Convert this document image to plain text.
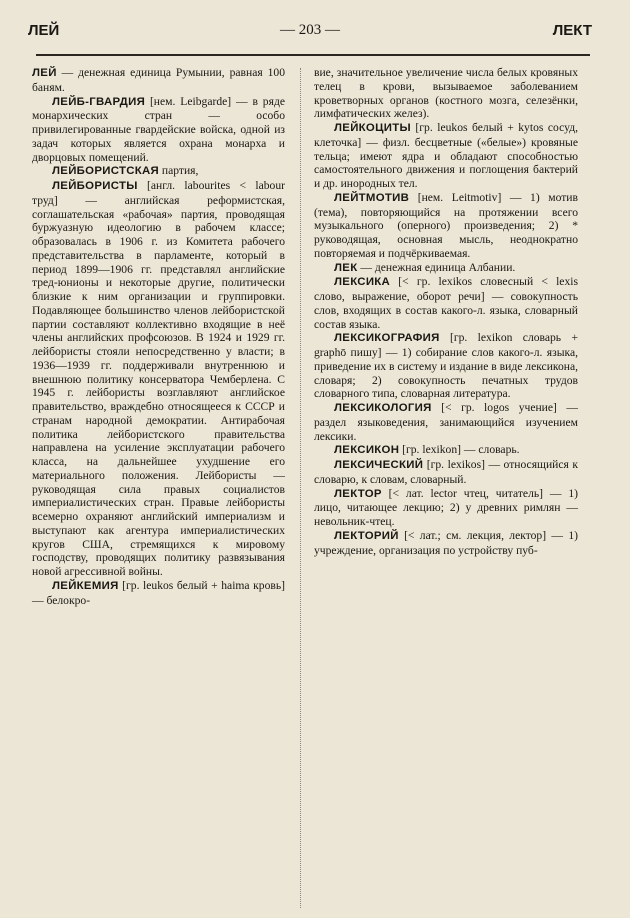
ЛЕЙ	— 203 —	ЛЕКТ

ЛЕЙ — денежная единица Румынии, равная 100 баням.

ЛЕЙБ-ГВАРДИЯ [нем. Leibgarde] — в ряде монархических стран — особо привилегированные гвардейские войска, одной из задач которых является охрана монарха и дворцовых помещений.

ЛЕЙБОРИСТСКАЯ партия,

ЛЕЙБОРИСТЫ [англ. labourites < labour труд] — английская реформистская, соглашательская «рабочая» партия, проводящая буржуазную идеологию в рабочем классе; образовалась в 1906 г. из Комитета рабочего представительства в парламенте, который в период 1899—1906 гг. представлял английские тред-юнионы и некоторые другие, политически близкие к ним организации и группировки. Подавляющее большинство членов лейбористской партии составляют коллективно входящие в неё члены английских профсоюзов. В 1924 и 1929 гг. лейбористы стояли непосредственно у власти; в 1936—1939 гг. поддерживали внутреннюю и внешнюю политику консерватора Чемберлена. С 1945 г. лейбористы возглавляют английское правительство, враждебно относящееся к СССР и странам народной демократии. Антирабочая политика лейбористского правительства направлена на усиление эксплуатации рабочего класса, на дальнейшее ухудшение его материального положения. Лейбористы — руководящая сила правых социалистов империалистических стран. Правые лейбористы всемерно охраняют английский империализм и выступают как агентура империалистических кругов США, стремящихся к мировому господству, проводящих политику развязывания новой агрессивной войны.

ЛЕЙКЕМИЯ [гр. leukos белый + haima кровь] — белокро-

вие, значительное увеличение числа белых кровяных телец в крови, вызываемое заболеванием кроветворных органов (костного мозга, селезёнки, лимфатических желез).

ЛЕЙКОЦИТЫ [гр. leukos белый + kytos сосуд, клеточка] — физл. бесцветные («белые») кровяные тельца; имеют ядра и обладают способностью самостоятельного движения и поглощения бактерий и др. инородных тел.

ЛЕЙТМОТИВ [нем. Leitmotiv] — 1) мотив (тема), повторяющийся на протяжении всего музыкального (оперного) произведения; 2) * руководящая, основная мысль, неоднократно повторяемая и подчёркиваемая.

ЛЕК — денежная единица Албании.

ЛЕКСИКА [< гр. lexikos словесный < lexis слово, выражение, оборот речи] — совокупность слов, входящих в состав какого-л. языка, словарный состав языка.

ЛЕКСИКОГРАФИЯ [гр. lexikon словарь + graphō пишу] — 1) собирание слов какого-л. языка, приведение их в систему и издание в виде лексикона, словаря; 2) совокупность печатных трудов словарного типа, словарная литература.

ЛЕКСИКОЛОГИЯ [< гр. logos учение] — раздел языковедения, занимающийся изучением лексики.

ЛЕКСИКОН [гр. lexikon] — словарь.

ЛЕКСИЧЕСКИЙ [гр. lexikos] — относящийся к словарю, к словам, словарный.

ЛЕКТОР [< лат. lector чтец, читатель] — 1) лицо, читающее лекцию; 2) у древних римлян — невольник-чтец.

ЛЕКТОРИЙ [< лат.; см. лекция, лектор] — 1) учреждение, организация по устройству пуб-
